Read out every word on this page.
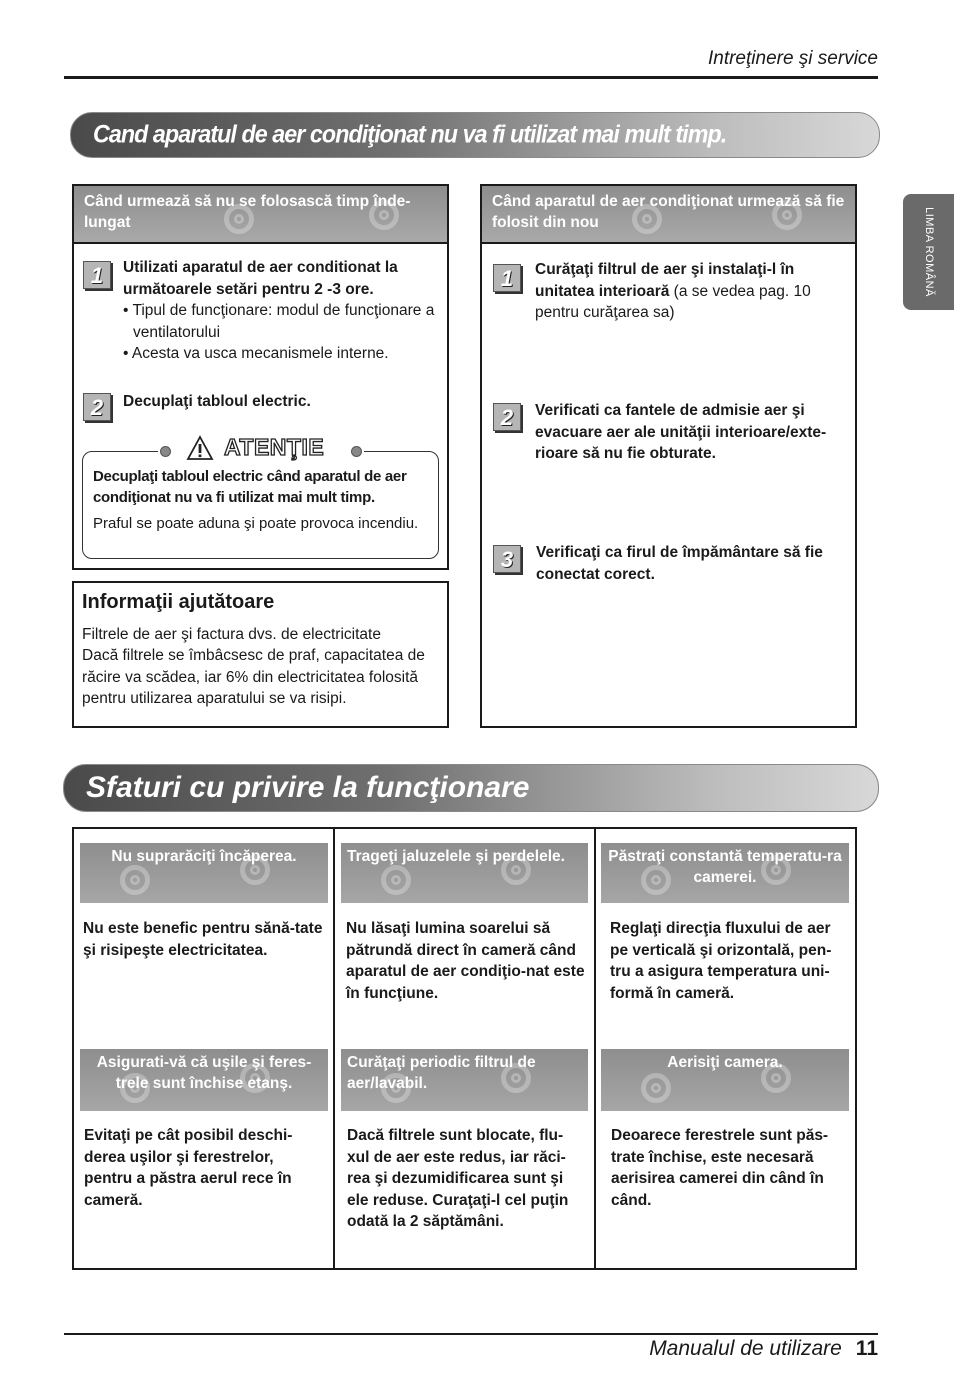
Intreţinere şi service
LIMBA ROMÂNĂ
Cand aparatul de aer condiţionat nu va fi utilizat mai mult timp.
Când urmează să nu se folosască timp înde-lungat
1	Utilizati aparatul de aer conditionat la următoarele setări pentru 2 -3 ore.
• Tipul de funcţionare: modul de funcţionare a ventilatorului
• Acesta va usca mecanismele interne.
2	Decuplaţi tabloul electric.
ATENŢIE
Decuplaţi tabloul electric când aparatul de aer condiţionat nu va fi utilizat mai mult timp.
Praful se poate aduna şi poate provoca incendiu.
Informaţii ajutătoare
Filtrele de aer şi factura dvs. de electricitate
Dacă filtrele se îmbâcsesc de praf, capacitatea de răcire va scădea, iar 6% din electricitatea folosită pentru utilizarea aparatului se va risipi.
Când aparatul de aer condiţionat urmează să fie folosit din nou
1	Curăţaţi filtrul de aer şi instalaţi-l în unitatea interioară (a se vedea pag. 10 pentru curăţarea sa)
2	Verificati ca fantele de admisie aer şi evacuare aer ale unităţii interioare/exte-rioare să nu fie obturate.
3	Verificaţi ca firul de împământare să fie conectat corect.
Sfaturi cu privire la funcţionare
Nu suprarăciţi încăperea.
Nu este benefic pentru sănă-tate şi risipeşte electricitatea.
Trageţi jaluzelele şi perdelele.
Nu lăsaţi lumina soarelui să pătrundă direct în cameră când aparatul de aer condiţio-nat este în funcţiune.
Păstraţi constantă temperatu-ra camerei.
Reglaţi direcţia fluxului de aer pe verticală şi orizontală, pen-tru a asigura temperatura uni-formă în cameră.
Asigurati-vă că uşile şi feres-trele sunt închise etanş.
Evitaţi pe cât posibil deschi-derea uşilor şi ferestrelor, pentru a păstra aerul rece în cameră.
Curăţaţi periodic filtrul de aer/lavabil.
Dacă filtrele sunt blocate, flu-xul de aer este redus, iar răci-rea şi dezumidificarea sunt şi ele reduse. Curaţaţi-l cel puţin odată la 2 săptămâni.
Aerisiţi camera.
Deoarece ferestrele sunt păs-trate închise, este necesară aerisirea camerei din când în când.
Manualul de utilizare 11
